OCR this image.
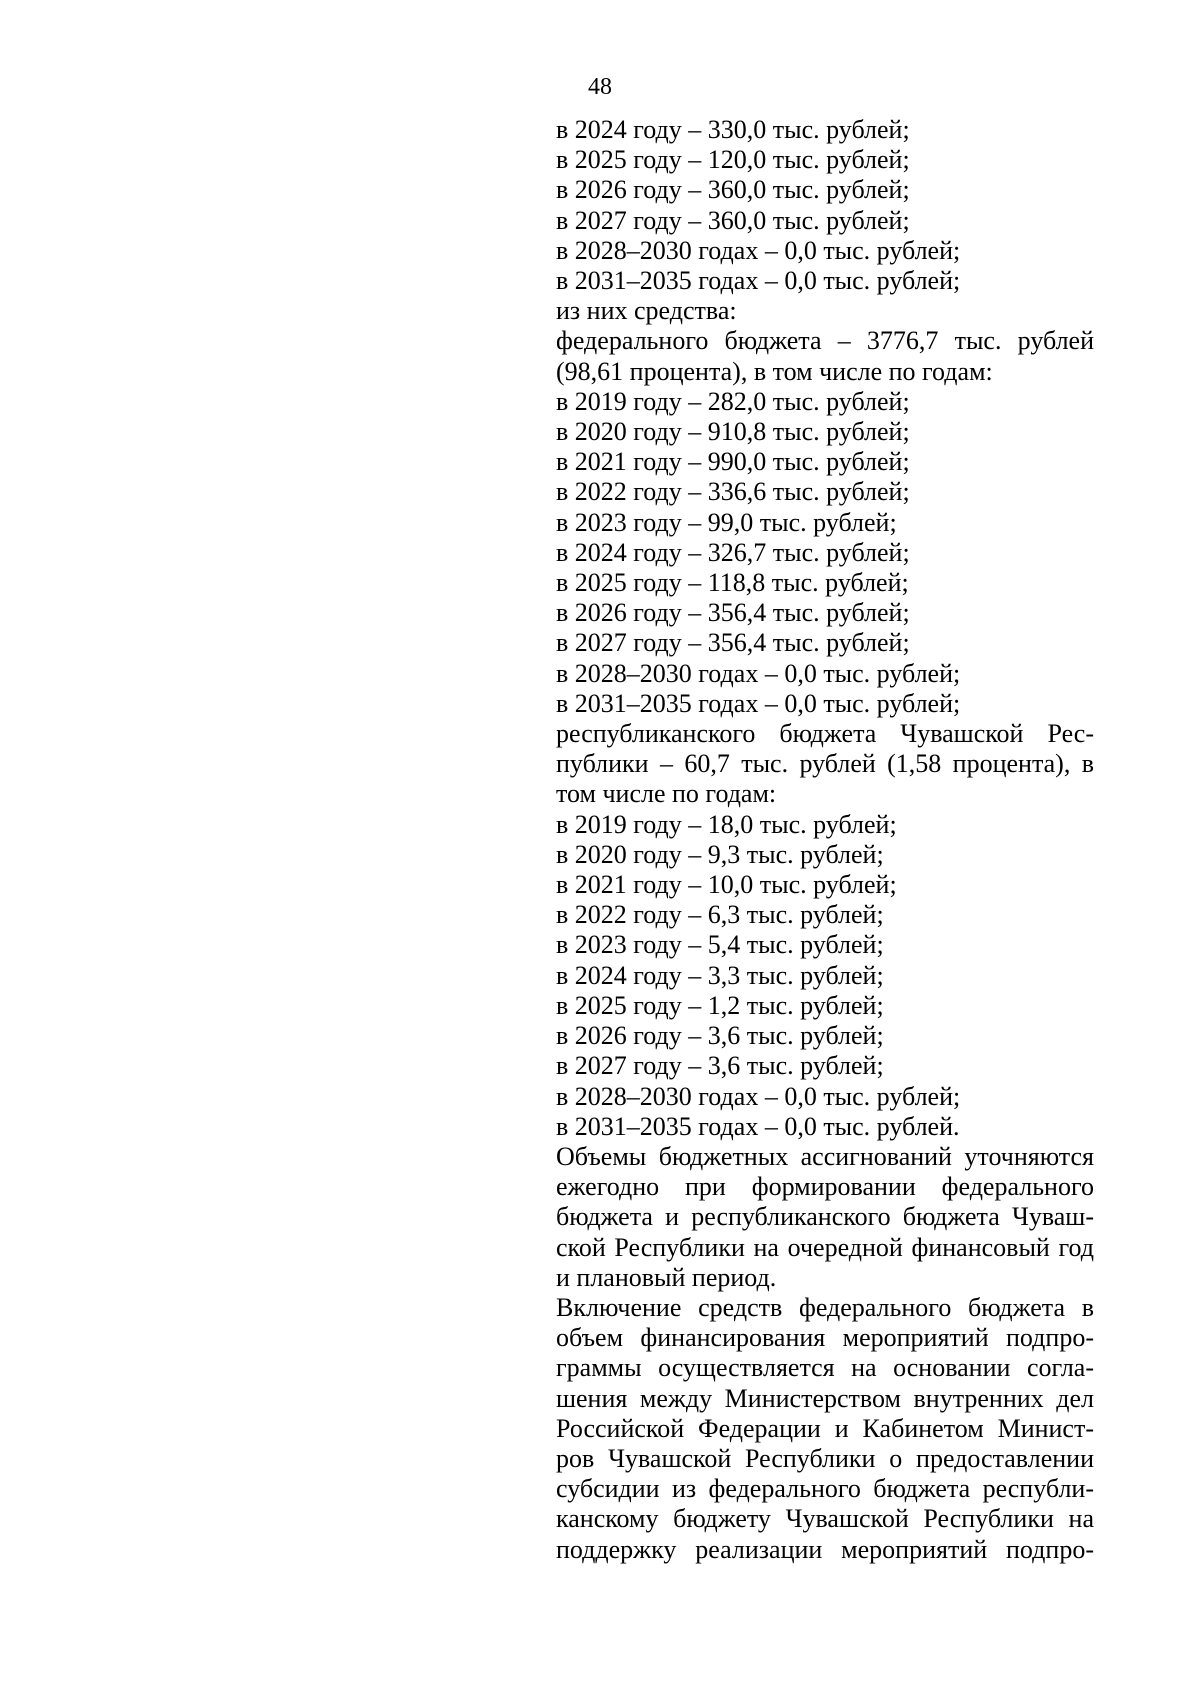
48

в 2024 году – 330,0 тыс. рублей;

в 2025 году – 120,0 тыс. рублей;

в 2026 году – 360,0 тыс. рублей;

в 2027 году – 360,0 тыс. рублей;

в 2028–2030 годах – 0,0 тыс. рублей;

в 2031–2035 годах – 0,0 тыс. рублей;

из них средства:

федерального бюджета – 3776,7 тыс. рублей (98,61 процента), в том числе по годам:

в 2019 году – 282,0 тыс. рублей;

в 2020 году – 910,8 тыс. рублей;

в 2021 году – 990,0 тыс. рублей;

в 2022 году – 336,6 тыс. рублей;

в 2023 году – 99,0 тыс. рублей;

в 2024 году – 326,7 тыс. рублей;

в 2025 году – 118,8 тыс. рублей;

в 2026 году – 356,4 тыс. рублей;

в 2027 году – 356,4 тыс. рублей;

в 2028–2030 годах – 0,0 тыс. рублей;

в 2031–2035 годах – 0,0 тыс. рублей;

республиканского бюджета Чувашской Рес- публики – 60,7 тыс. рублей (1,58 процента), в том числе по годам:

в 2019 году – 18,0 тыс. рублей;

в 2020 году – 9,3 тыс. рублей;

в 2021 году – 10,0 тыс. рублей;

в 2022 году – 6,3 тыс. рублей;

в 2023 году – 5,4 тыс. рублей;

в 2024 году – 3,3 тыс. рублей;

в 2025 году – 1,2 тыс. рублей;

в 2026 году – 3,6 тыс. рублей;

в 2027 году – 3,6 тыс. рублей;

в 2028–2030 годах – 0,0 тыс. рублей;

в 2031–2035 годах – 0,0 тыс. рублей.

Объемы бюджетных ассигнований уточняются ежегодно при формировании федерального бюджета и республиканского бюджета Чуваш- ской Республики на очередной финансовый год и плановый период.

Включение средств федерального бюджета в объем финансирования мероприятий подпро- граммы осуществляется на основании согла- шения между Министерством внутренних дел Российской Федерации и Кабинетом Минист- ров Чувашской Республики о предоставлении субсидии из федерального бюджета республи- канскому бюджету Чувашской Республики на поддержку реализации мероприятий подпро-
